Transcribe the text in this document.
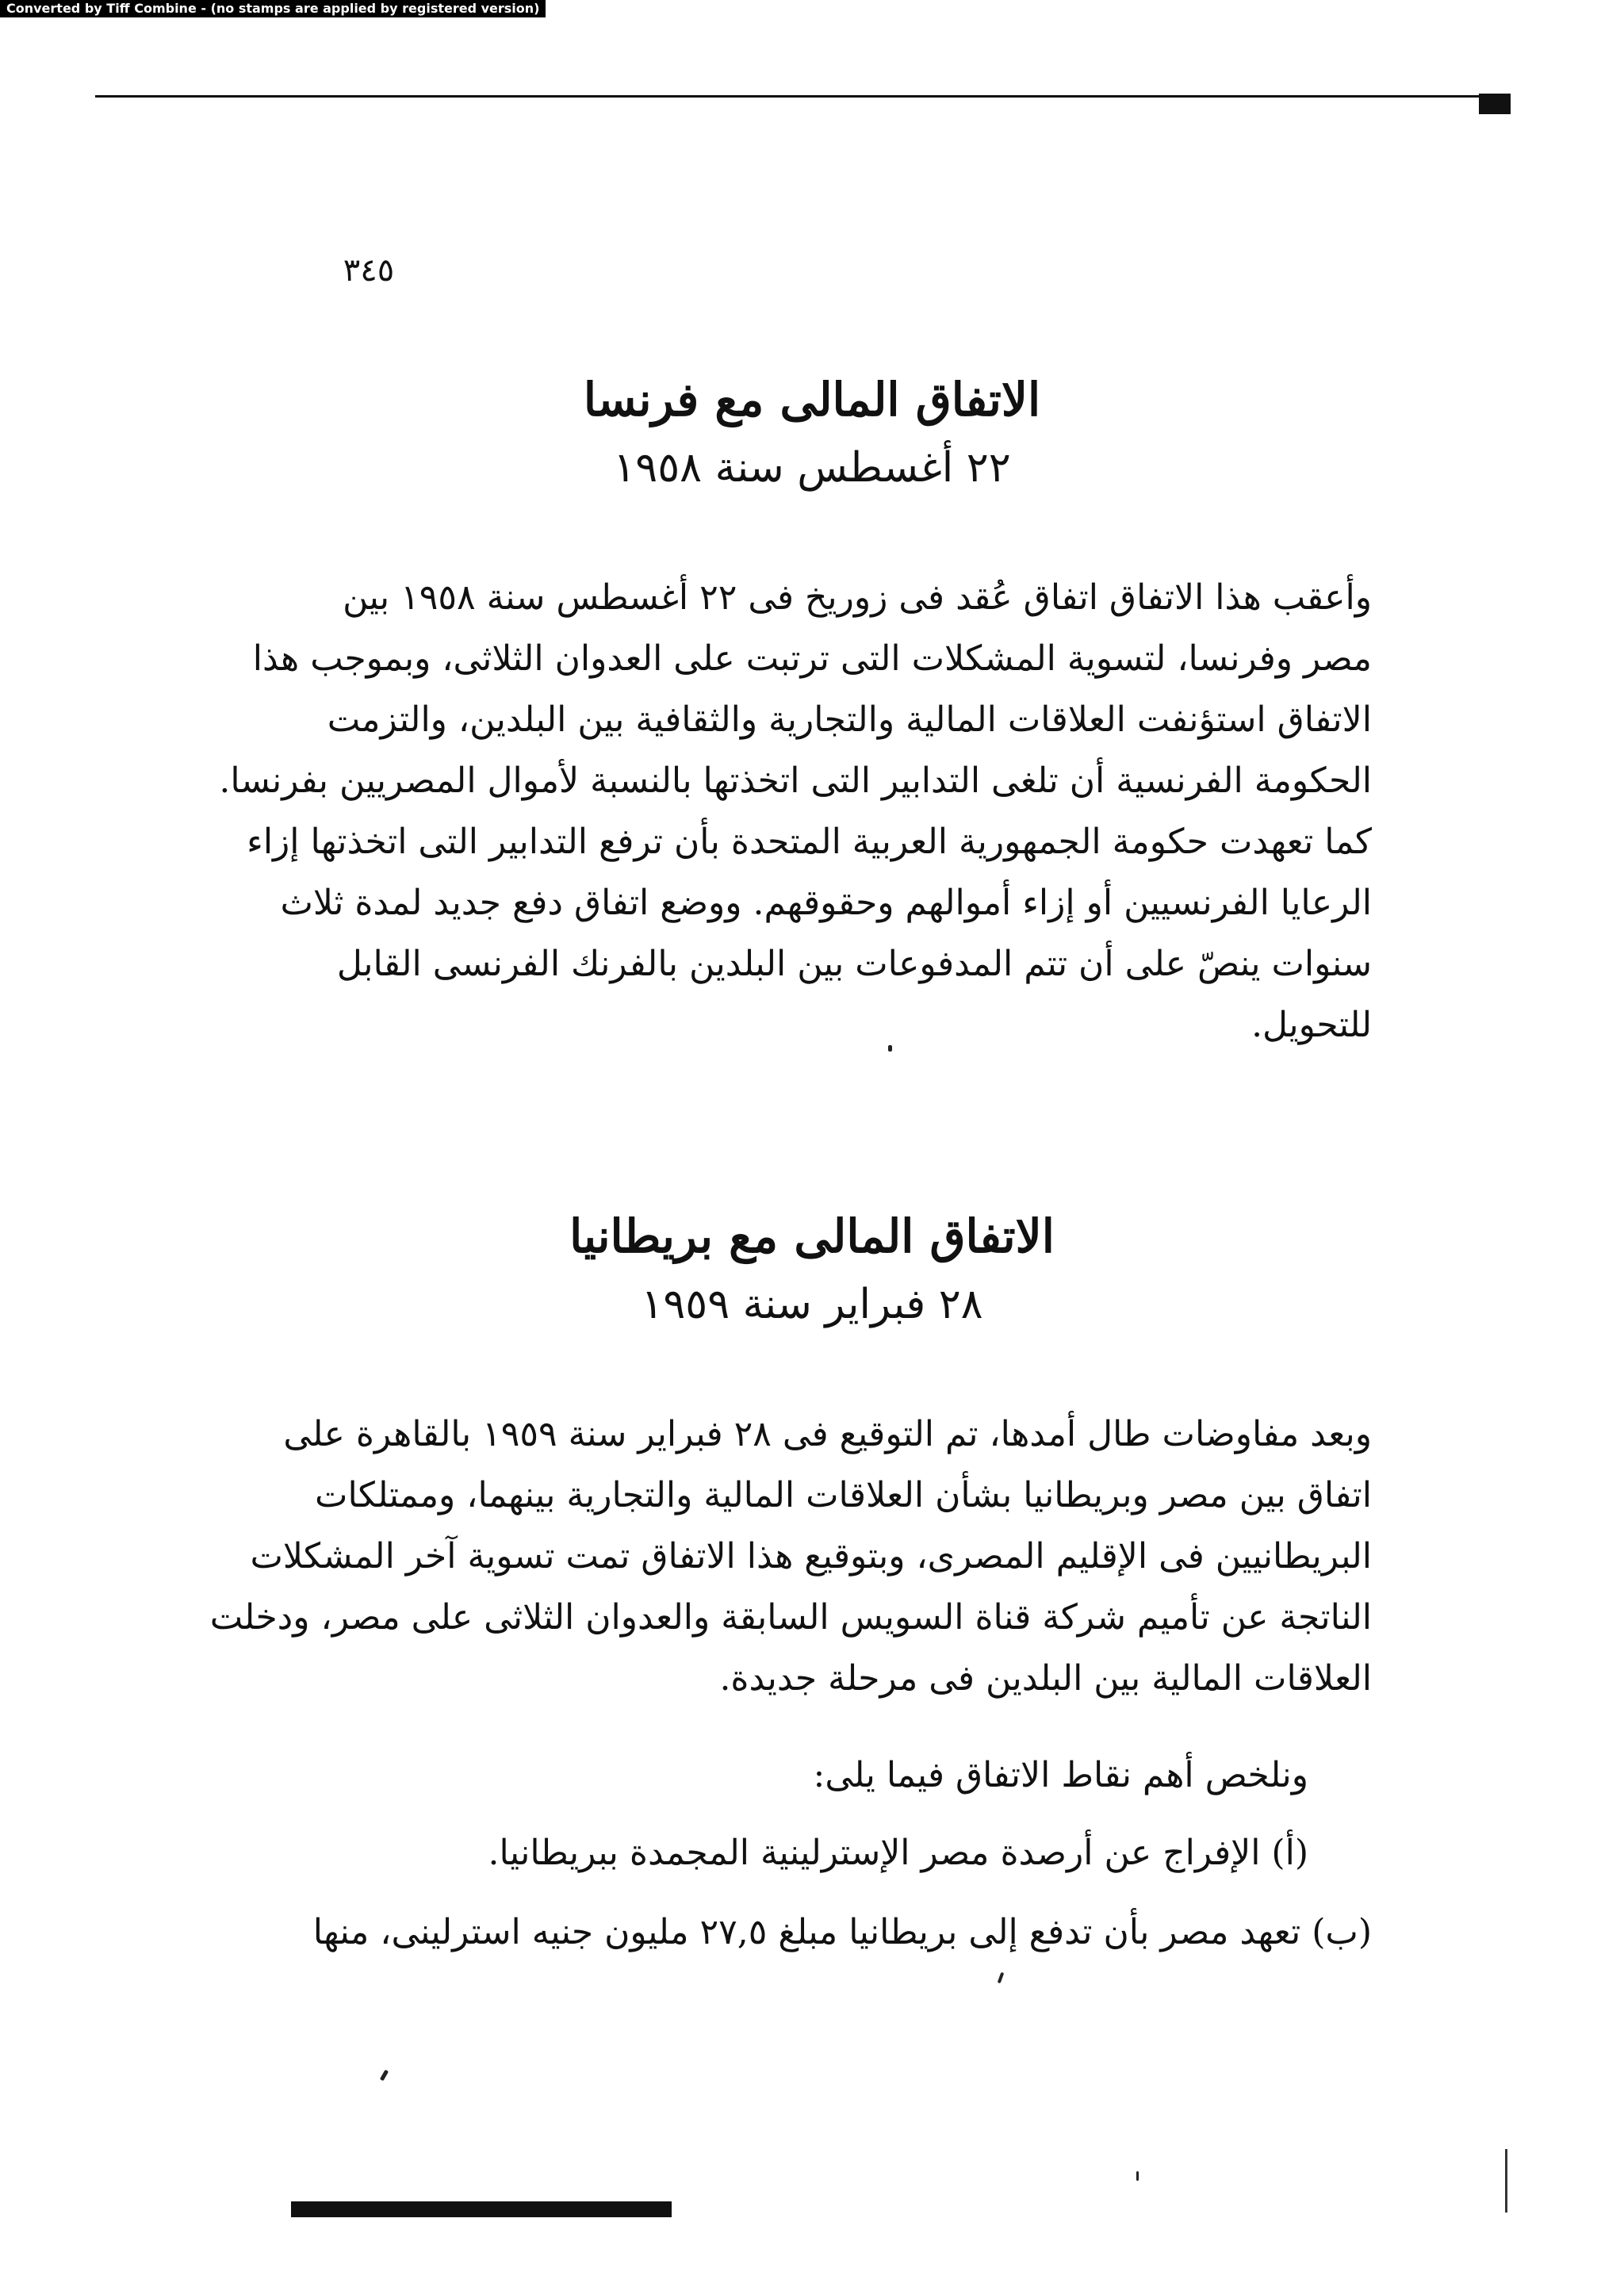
Converted by Tiff Combine - (no stamps are applied by registered version)
٣٤٥
الاتفاق المالى مع فرنسا
٢٢ أغسطس سنة ١٩٥٨
وأعقب هذا الاتفاق اتفاق عُقد فى زوريخ فى ٢٢ أغسطس سنة ١٩٥٨ بين
مصر وفرنسا، لتسوية المشكلات التى ترتبت على العدوان الثلاثى، وبموجب هذا
الاتفاق استؤنفت العلاقات المالية والتجارية والثقافية بين البلدين، والتزمت
الحكومة الفرنسية أن تلغى التدابير التى اتخذتها بالنسبة لأموال المصريين بفرنسا.
كما تعهدت حكومة الجمهورية العربية المتحدة بأن ترفع التدابير التى اتخذتها إزاء
الرعايا الفرنسيين أو إزاء أموالهم وحقوقهم. ووضع اتفاق دفع جديد لمدة ثلاث
سنوات ينصّ على أن تتم المدفوعات بين البلدين بالفرنك الفرنسى القابل
للتحويل.
الاتفاق المالى مع بريطانيا
٢٨ فبراير سنة ١٩٥٩
وبعد مفاوضات طال أمدها، تم التوقيع فى ٢٨ فبراير سنة ١٩٥٩ بالقاهرة على
اتفاق بين مصر وبريطانيا بشأن العلاقات المالية والتجارية بينهما، وممتلكات
البريطانيين فى الإقليم المصرى، وبتوقيع هذا الاتفاق تمت تسوية آخر المشكلات
الناتجة عن تأميم شركة قناة السويس السابقة والعدوان الثلاثى على مصر، ودخلت
العلاقات المالية بين البلدين فى مرحلة جديدة.
ونلخص أهم نقاط الاتفاق فيما يلى:
(أ) الإفراج عن أرصدة مصر الإسترلينية المجمدة ببريطانيا.
(ب) تعهد مصر بأن تدفع إلى بريطانيا مبلغ ٢٧,٥ مليون جنيه استرلينى، منها
